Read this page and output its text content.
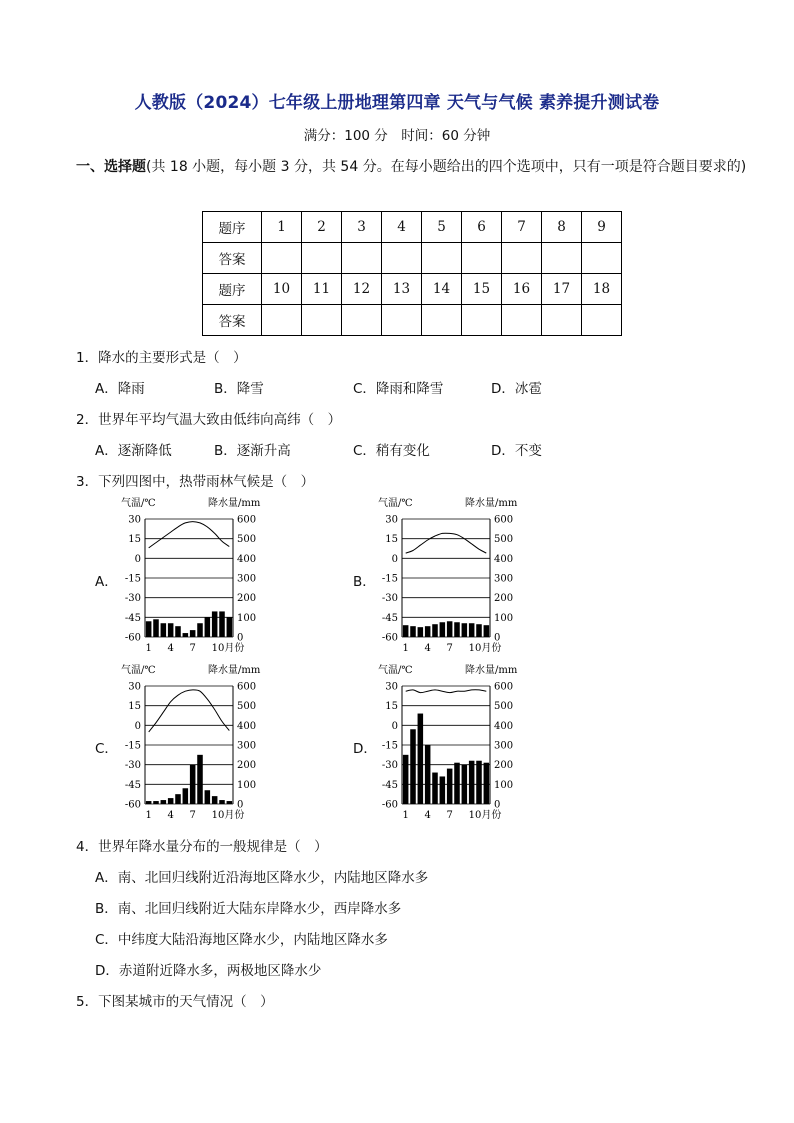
人教版（2024）七年级上册地理第四章 天气与气候 素养提升测试卷
满分：100 分　时间：60 分钟
一、选择题(共 18 小题，每小题 3 分，共 54 分。在每小题给出的四个选项中，只有一项是符合题目要求的)
题序	1	2	3	4	5	6	7	8	9
答案									
题序	10	11	12	13	14	15	16	17	18
答案									
1．降水的主要形式是（　）
A．降雨	B．降雪	C．降雨和降雪	D．冰雹
2．世界年平均气温大致由低纬向高纬（　）
A．逐渐降低	B．逐渐升高	C．稍有变化	D．不变
3．下列四图中，热带雨林气候是（　）
A．	B．
C．	D．
气温/℃	降水量/mm
30	600
15	500
0	400
-15	300
-30	200
-45	100
-60	0
1 4 7 10月份
气温/℃	降水量/mm
30	600
15	500
0	400
-15	300
-30	200
-45	100
-60	0
1 4 7 10月份
气温/℃	降水量/mm
30	600
15	500
0	400
-15	300
-30	200
-45	100
-60	0
1 4 7 10月份
气温/℃	降水量/mm
30	600
15	500
0	400
-15	300
-30	200
-45	100
-60	0
1 4 7 10月份
4．世界年降水量分布的一般规律是（　）
A．南、北回归线附近沿海地区降水少，内陆地区降水多
B．南、北回归线附近大陆东岸降水少，西岸降水多
C．中纬度大陆沿海地区降水少，内陆地区降水多
D．赤道附近降水多，两极地区降水少
5．下图某城市的天气情况（　）
